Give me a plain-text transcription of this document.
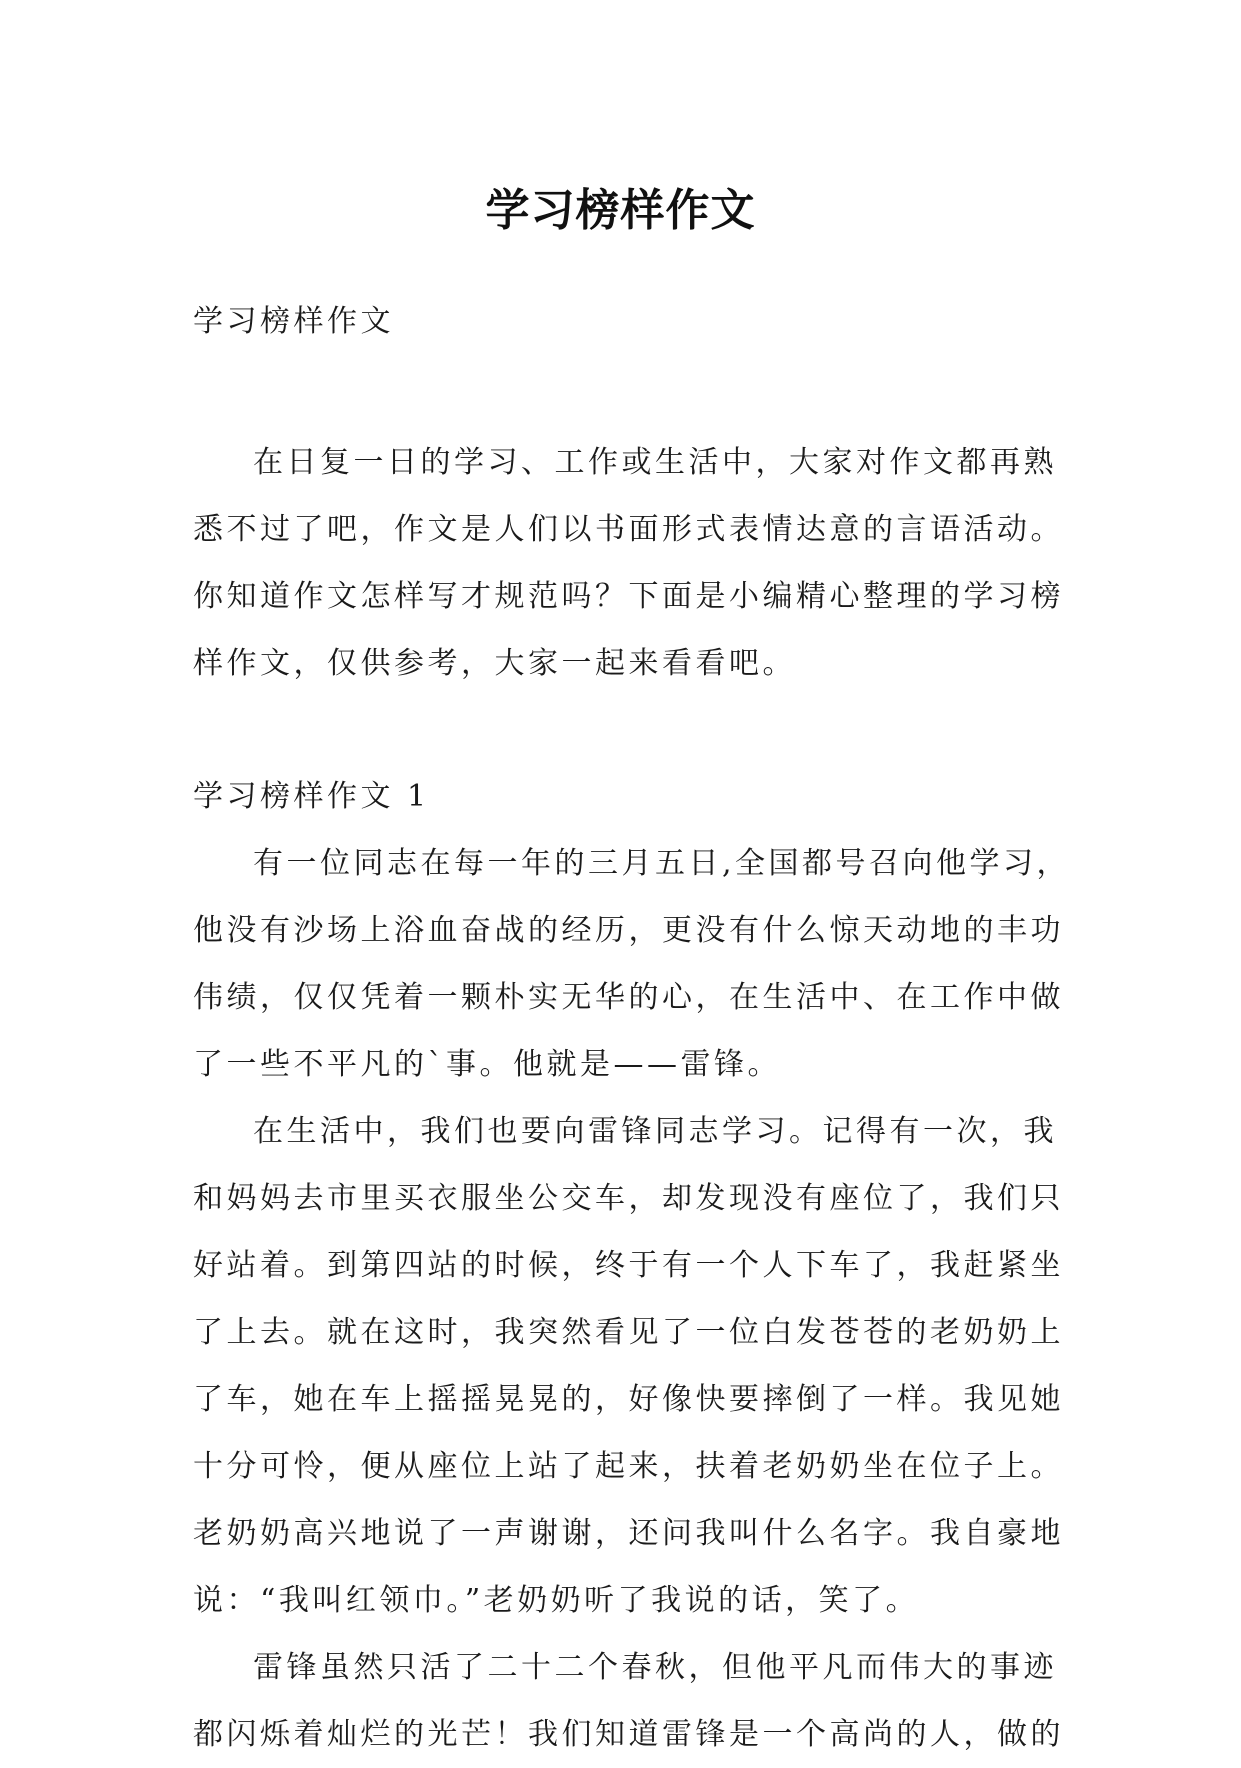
学习榜样作文

学习榜样作文

在日复一日的学习、工作或生活中，大家对作文都再熟悉不过了吧，作文是人们以书面形式表情达意的言语活动。你知道作文怎样写才规范吗？下面是小编精心整理的学习榜样作文，仅供参考，大家一起来看看吧。

学习榜样作文 1

有一位同志在每一年的三月五日,全国都号召向他学习，他没有沙场上浴血奋战的经历，更没有什么惊天动地的丰功伟绩，仅仅凭着一颗朴实无华的心，在生活中、在工作中做了一些不平凡的`事。他就是——雷锋。

在生活中，我们也要向雷锋同志学习。记得有一次，我和妈妈去市里买衣服坐公交车，却发现没有座位了，我们只好站着。到第四站的时候，终于有一个人下车了，我赶紧坐了上去。就在这时，我突然看见了一位白发苍苍的老奶奶上了车，她在车上摇摇晃晃的，好像快要摔倒了一样。我见她十分可怜，便从座位上站了起来，扶着老奶奶坐在位子上。老奶奶高兴地说了一声谢谢，还问我叫什么名字。我自豪地说：“我叫红领巾。”老奶奶听了我说的话，笑了。

雷锋虽然只活了二十二个春秋，但他平凡而伟大的事迹都闪烁着灿烂的光芒！我们知道雷锋是一个高尚的人，做的
